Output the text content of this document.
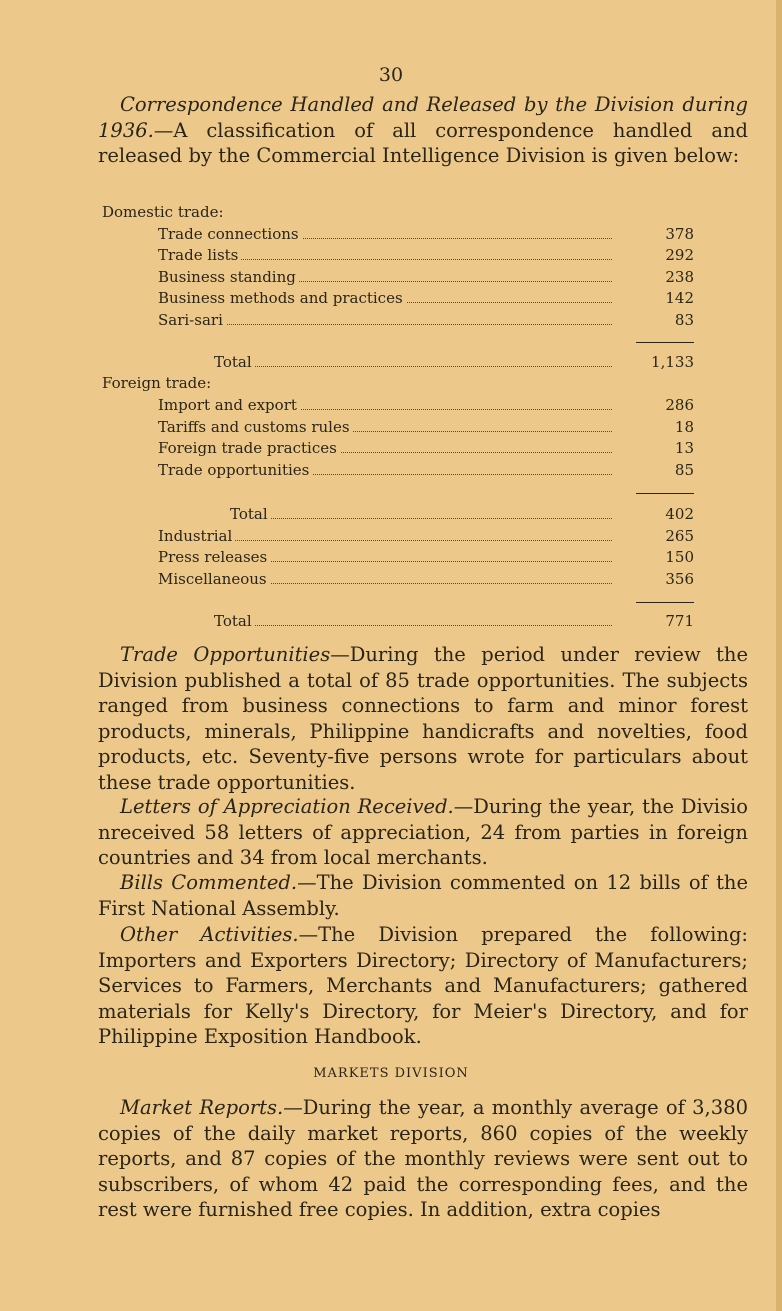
30

Correspondence Handled and Released by the Division during 1936.—A classification of all correspondence handled and released by the Commercial Intelligence Division is given below:

Domestic trade:
Trade connections	378
Trade lists	292
Business standing	238
Business methods and practices	142
Sari-sari	83
Total	1,133
Foreign trade:
Import and export	286
Tariffs and customs rules	18
Foreign trade practices	13
Trade opportunities	85
Total	402
Industrial	265
Press releases	150
Miscellaneous	356
Total	771

Trade Opportunities—During the period under review the Division published a total of 85 trade opportunities. The subjects ranged from business connections to farm and minor forest products, minerals, Philippine handicrafts and novelties, food products, etc. Seventy-five persons wrote for particulars about these trade opportunities.

Letters of Appreciation Received.—During the year, the Divisio nreceived 58 letters of appreciation, 24 from parties in foreign countries and 34 from local merchants.

Bills Commented.—The Division commented on 12 bills of the First National Assembly.

Other Activities.—The Division prepared the following: Importers and Exporters Directory; Directory of Manufacturers; Services to Farmers, Merchants and Manufacturers; gathered materials for Kelly's Directory, for Meier's Directory, and for Philippine Exposition Handbook.

MARKETS DIVISION

Market Reports.—During the year, a monthly average of 3,380 copies of the daily market reports, 860 copies of the weekly reports, and 87 copies of the monthly reviews were sent out to subscribers, of whom 42 paid the corresponding fees, and the rest were furnished free copies. In addition, extra copies
